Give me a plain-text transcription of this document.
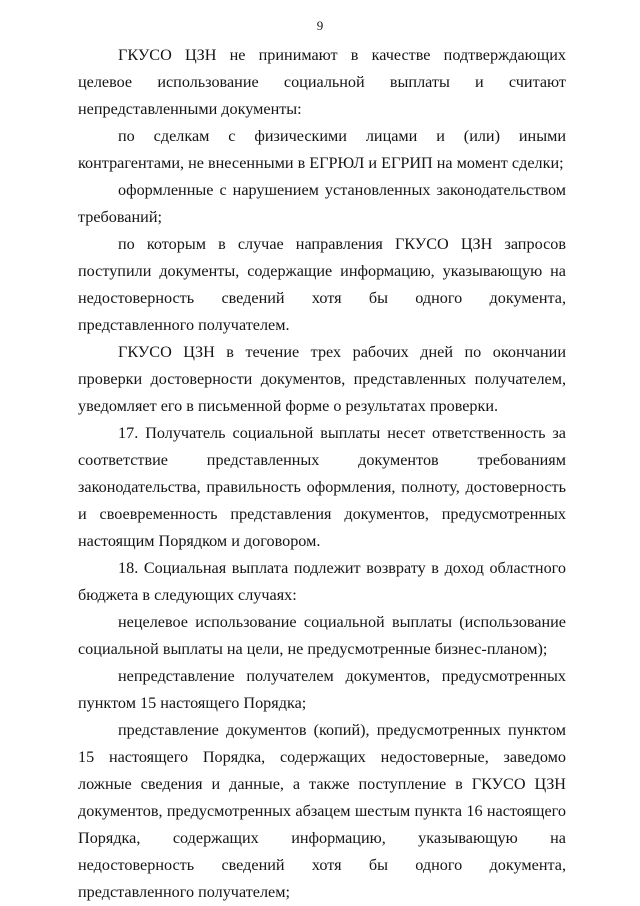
9

ГКУСО ЦЗН не принимают в качестве подтверждающих целевое использование социальной выплаты и считают непредставленными документы:

по сделкам с физическими лицами и (или) иными контрагентами, не внесенными в ЕГРЮЛ и ЕГРИП на момент сделки;

оформленные с нарушением установленных законодательством требований;

по которым в случае направления ГКУСО ЦЗН запросов поступили документы, содержащие информацию, указывающую на недостоверность сведений хотя бы одного документа, представленного получателем.

ГКУСО ЦЗН в течение трех рабочих дней по окончании проверки достоверности документов, представленных получателем, уведомляет его в письменной форме о результатах проверки.

17. Получатель социальной выплаты несет ответственность за соответствие представленных документов требованиям законодательства, правильность оформления, полноту, достоверность и своевременность представления документов, предусмотренных настоящим Порядком и договором.

18. Социальная выплата подлежит возврату в доход областного бюджета в следующих случаях:

нецелевое использование социальной выплаты (использование социальной выплаты на цели, не предусмотренные бизнес-планом);

непредставление получателем документов, предусмотренных пунктом 15 настоящего Порядка;

представление документов (копий), предусмотренных пунктом 15 настоящего Порядка, содержащих недостоверные, заведомо ложные сведения и данные, а также поступление в ГКУСО ЦЗН документов, предусмотренных абзацем шестым пункта 16 настоящего Порядка, содержащих информацию, указывающую на недостоверность сведений хотя бы одного документа, представленного получателем;
